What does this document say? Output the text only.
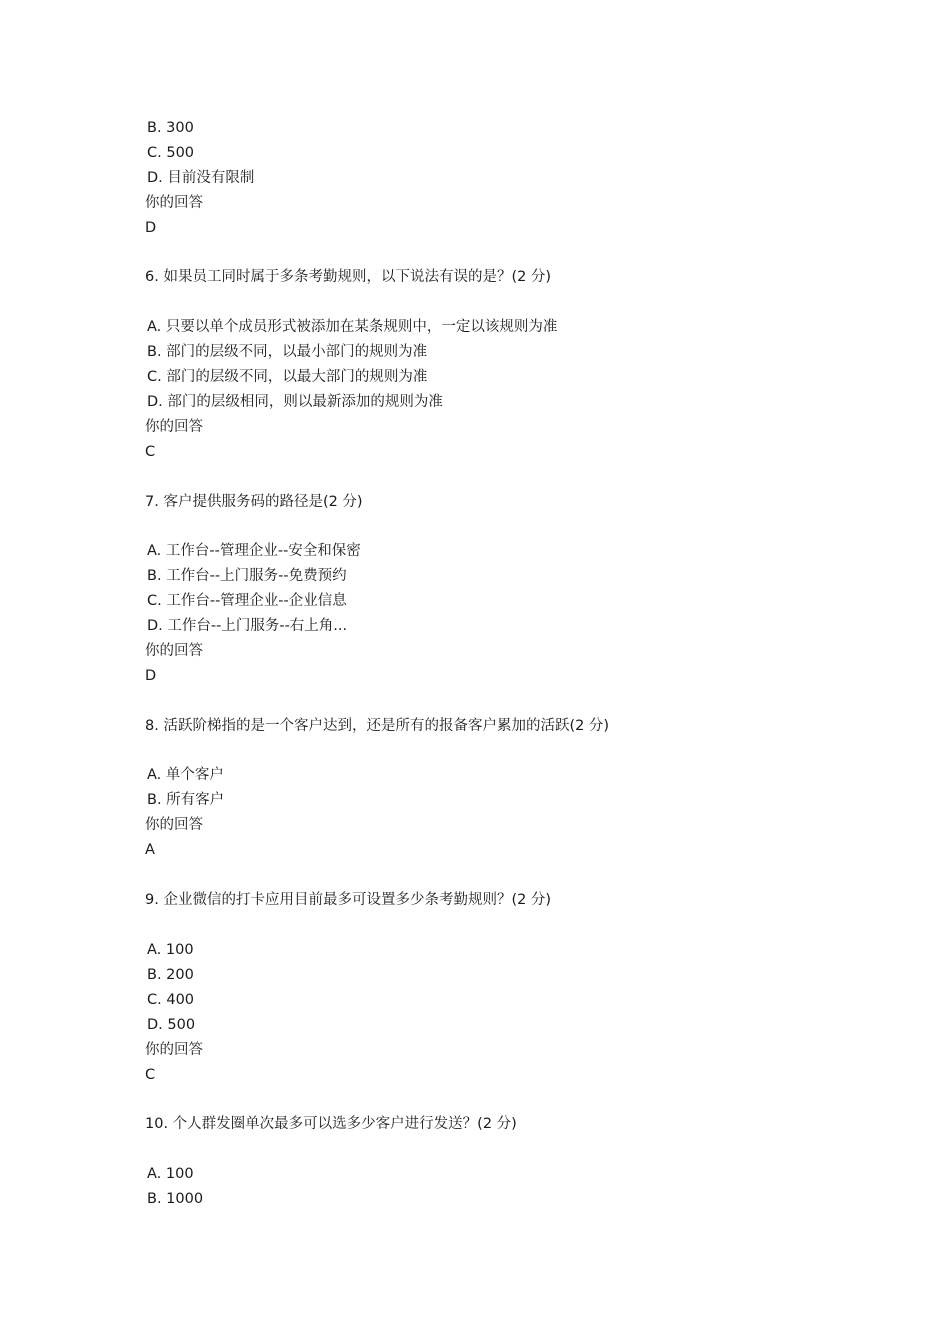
B. 300
C. 500
D. 目前没有限制
你的回答
D
6. 如果员工同时属于多条考勤规则，以下说法有误的是？(2 分)
A. 只要以单个成员形式被添加在某条规则中，一定以该规则为准
B. 部门的层级不同，以最小部门的规则为准
C. 部门的层级不同，以最大部门的规则为准
D. 部门的层级相同，则以最新添加的规则为准
你的回答
C
7. 客户提供服务码的路径是(2 分)
A. 工作台--管理企业--安全和保密
B. 工作台--上门服务--免费预约
C. 工作台--管理企业--企业信息
D. 工作台--上门服务--右上角...
你的回答
D
8. 活跃阶梯指的是一个客户达到，还是所有的报备客户累加的活跃(2 分)
A. 单个客户
B. 所有客户
你的回答
A
9. 企业微信的打卡应用目前最多可设置多少条考勤规则？(2 分)
A. 100
B. 200
C. 400
D. 500
你的回答
C
10. 个人群发圈单次最多可以选多少客户进行发送？(2 分)
A. 100
B. 1000
